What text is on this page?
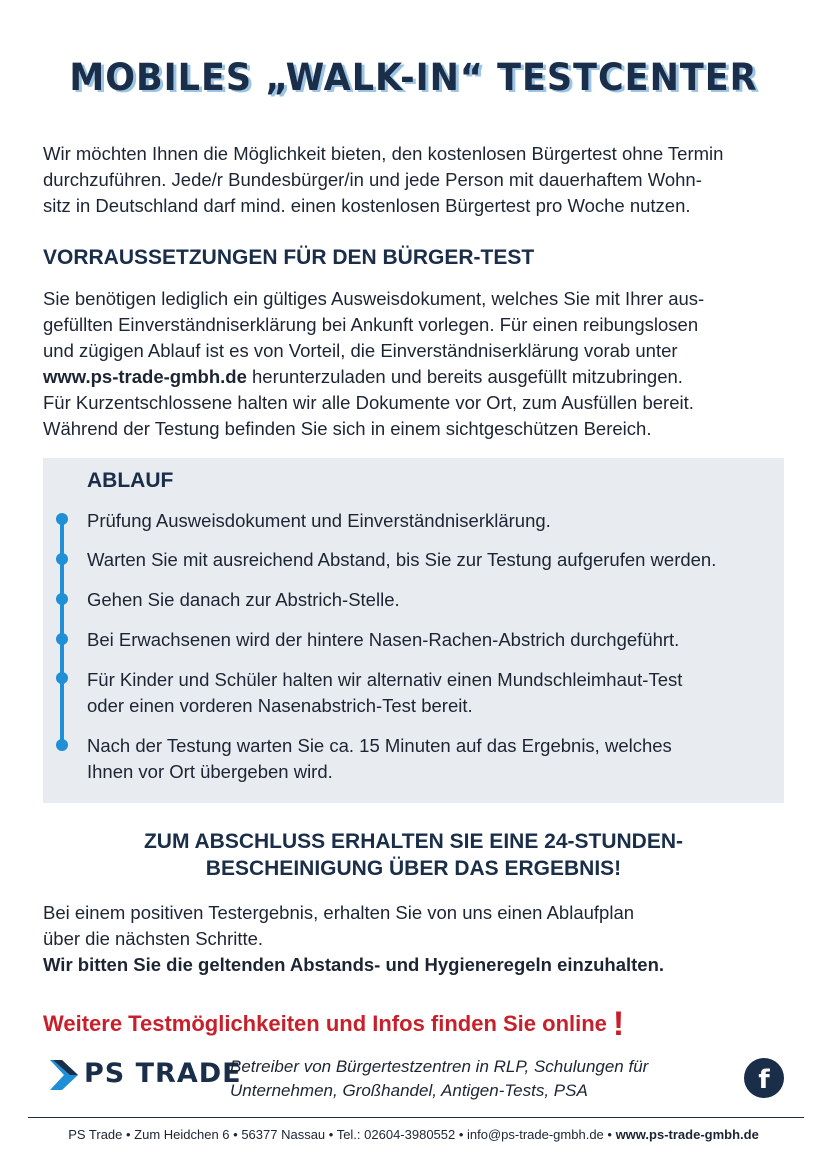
MOBILES „WALK-IN“ TESTCENTER
Wir möchten Ihnen die Möglichkeit bieten, den kostenlosen Bürgertest ohne Termin
durchzuführen. Jede/r Bundesbürger/in und jede Person mit dauerhaftem Wohn-
sitz in Deutschland darf mind. einen kostenlosen Bürgertest pro Woche nutzen.
VORRAUSSETZUNGEN FÜR DEN BÜRGER-TEST
Sie benötigen lediglich ein gültiges Ausweisdokument, welches Sie mit Ihrer aus-
gefüllten Einverständniserklärung bei Ankunft vorlegen. Für einen reibungslosen
und zügigen Ablauf ist es von Vorteil, die Einverständniserklärung vorab unter
www.ps-trade-gmbh.de herunterzuladen und bereits ausgefüllt mitzubringen.
Für Kurzentschlossene halten wir alle Dokumente vor Ort, zum Ausfüllen bereit.
Während der Testung befinden Sie sich in einem sichtgeschützen Bereich.
ABLAUF
Prüfung Ausweisdokument und Einverständniserklärung.
Warten Sie mit ausreichend Abstand, bis Sie zur Testung aufgerufen werden.
Gehen Sie danach zur Abstrich-Stelle.
Bei Erwachsenen wird der hintere Nasen-Rachen-Abstrich durchgeführt.
Für Kinder und Schüler halten wir alternativ einen Mundschleimhaut-Test
oder einen vorderen Nasenabstrich-Test bereit.
Nach der Testung warten Sie ca. 15 Minuten auf das Ergebnis, welches
Ihnen vor Ort übergeben wird.
ZUM ABSCHLUSS ERHALTEN SIE EINE 24-STUNDEN-
BESCHEINIGUNG ÜBER DAS ERGEBNIS!
Bei einem positiven Testergebnis, erhalten Sie von uns einen Ablaufplan
über die nächsten Schritte.
Wir bitten Sie die geltenden Abstands- und Hygieneregeln einzuhalten.
Weitere Testmöglichkeiten und Infos finden Sie online !
PS TRADE
Betreiber von Bürgertestzentren in RLP, Schulungen für
Unternehmen, Großhandel, Antigen-Tests, PSA	f
PS Trade • Zum Heidchen 6 • 56377 Nassau • Tel.: 02604-3980552 • info@ps-trade-gmbh.de • www.ps-trade-gmbh.de
